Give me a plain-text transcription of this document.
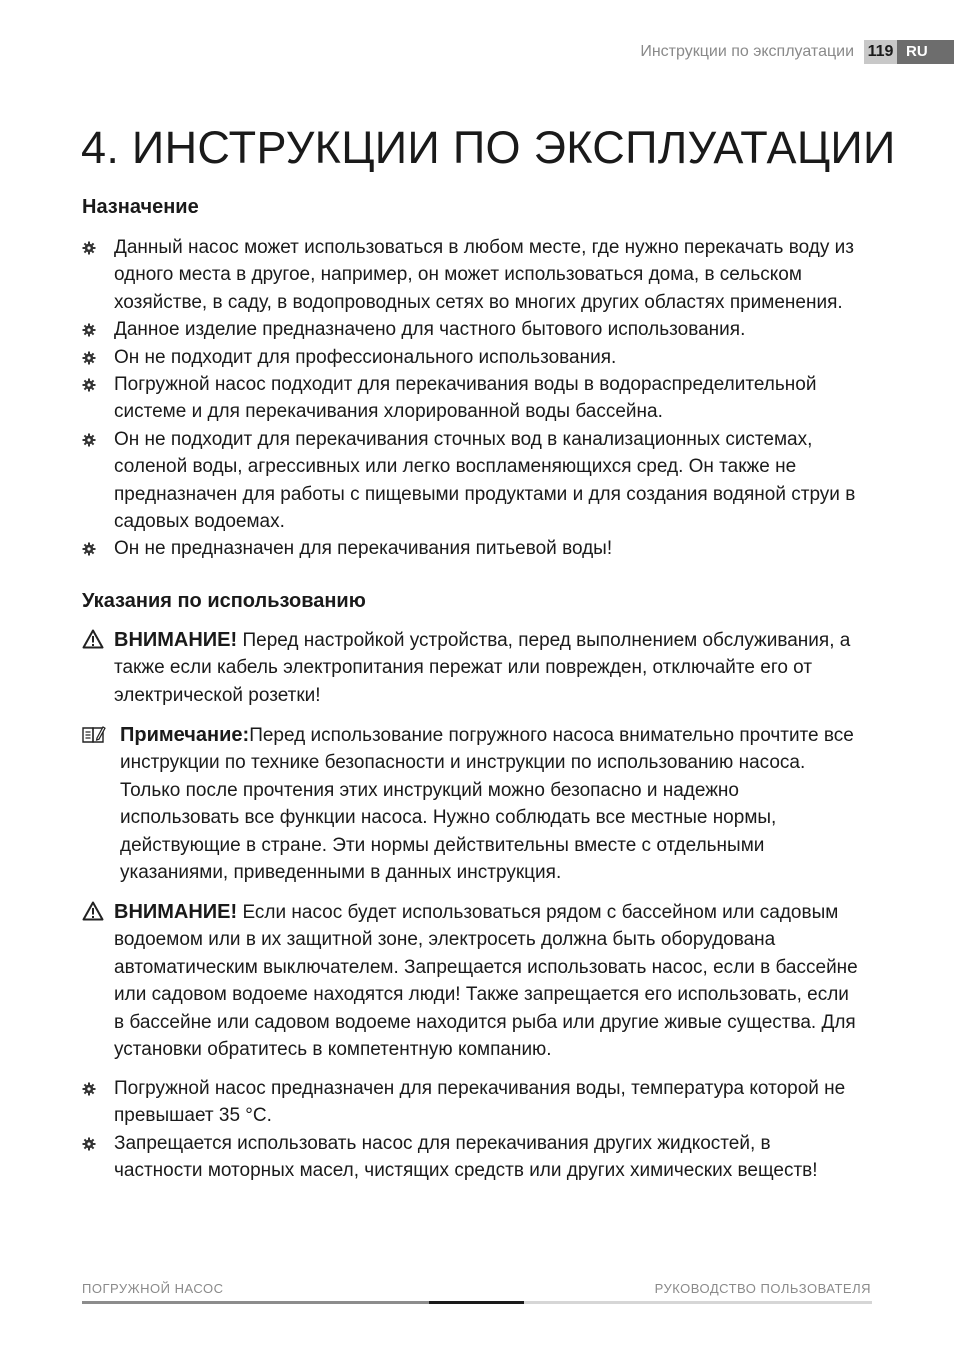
Инструкции по эксплуатации 119 RU
4. ИНСТРУКЦИИ ПО ЭКСПЛУАТАЦИИ
Назначение
Данный насос может использоваться в любом месте, где нужно перекачать воду из одного места в другое, например, он может использоваться дома, в сельском хозяйстве, в саду, в водопроводных сетях во многих других областях применения.
Данное изделие предназначено для частного бытового использования.
Он не подходит для профессионального использования.
Погружной насос подходит для перекачивания воды в водораспределительной системе и для перекачивания хлорированной воды бассейна.
Он не подходит для перекачивания сточных вод в канализационных системах, соленой воды, агрессивных или легко воспламеняющихся сред. Он также не предназначен для работы с пищевыми продуктами и для создания водяной струи в садовых водоемах.
Он не предназначен для перекачивания питьевой воды!
Указания по использованию
ВНИМАНИЕ! Перед настройкой устройства, перед выполнением обслуживания, а также если кабель электропитания пережат или поврежден, отключайте его от электрической розетки!
Примечание:Перед использование погружного насоса внимательно прочтите все инструкции по технике безопасности и инструкции по использованию насоса. Только после прочтения этих инструкций можно безопасно и надежно использовать все функции насоса. Нужно соблюдать все местные нормы, действующие в стране. Эти нормы действительны вместе с отдельными указаниями, приведенными в данных инструкция.
ВНИМАНИЕ! Если насос будет использоваться рядом с бассейном или садовым водоемом или в их защитной зоне, электросеть должна быть оборудована автоматическим выключателем. Запрещается использовать насос, если в бассейне или садовом водоеме находятся люди! Также запрещается его использовать, если в бассейне или садовом водоеме находится рыба или другие живые существа. Для установки обратитесь в компетентную компанию.
Погружной насос предназначен для перекачивания воды, температура которой не превышает 35 °C.
Запрещается использовать насос для перекачивания других жидкостей, в частности моторных масел, чистящих средств или других химических веществ!
ПОГРУЖНОЙ НАСОС	РУКОВОДСТВО ПОЛЬЗОВАТЕЛЯ
